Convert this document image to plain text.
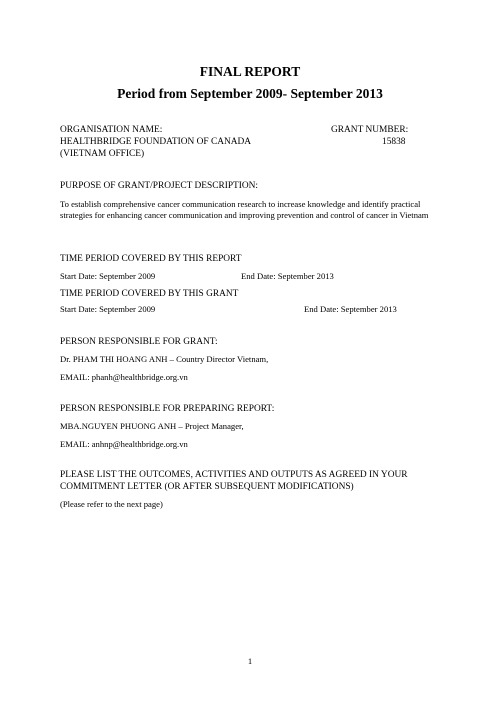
FINAL REPORT
Period from September 2009- September 2013
ORGANISATION NAME:	GRANT NUMBER:
HEALTHBRIDGE FOUNDATION OF CANADA	15838
(VIETNAM OFFICE)
PURPOSE OF GRANT/PROJECT DESCRIPTION:
To establish comprehensive cancer communication research to increase knowledge and identify practical strategies for enhancing cancer communication and improving prevention and control of cancer in Vietnam
TIME PERIOD COVERED BY THIS REPORT
Start Date: September 2009	End Date: September 2013
TIME PERIOD COVERED BY THIS GRANT
Start Date: September 2009	End Date: September 2013
PERSON RESPONSIBLE FOR GRANT:
Dr. PHAM THI HOANG ANH – Country Director Vietnam,
EMAIL: phanh@healthbridge.org.vn
PERSON RESPONSIBLE FOR PREPARING REPORT:
MBA.NGUYEN PHUONG ANH – Project Manager,
EMAIL: anhnp@healthbridge.org.vn
PLEASE LIST THE OUTCOMES, ACTIVITIES AND OUTPUTS AS AGREED IN YOUR
COMMITMENT LETTER (OR AFTER SUBSEQUENT MODIFICATIONS)
(Please refer to the next page)
1
